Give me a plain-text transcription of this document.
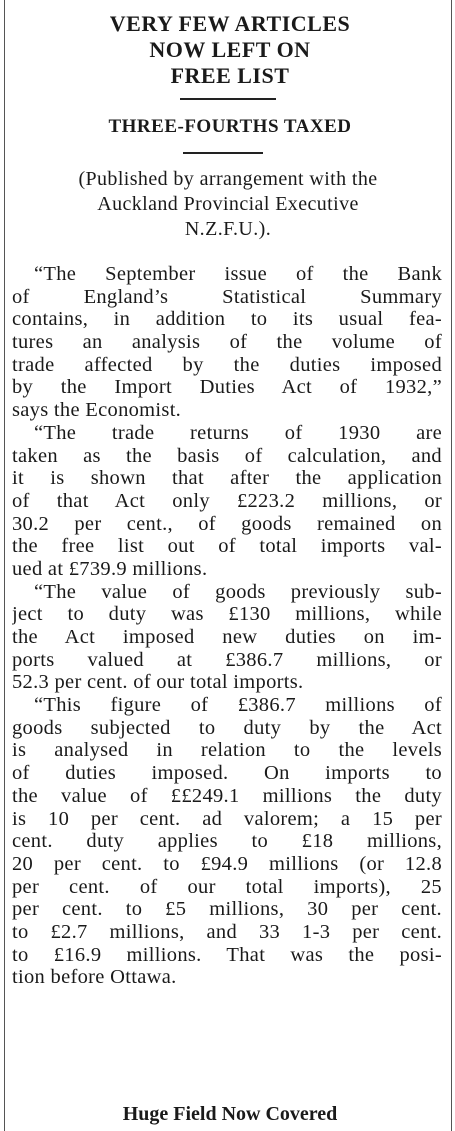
VERY FEW ARTICLES
NOW LEFT ON
FREE LIST
THREE-FOURTHS TAXED
(Published by arrangement with the
Auckland Provincial Executive
N.Z.F.U.).
“The September issue of the Bank
of England’s Statistical Summary
contains, in addition to its usual fea-
tures an analysis of the volume of
trade affected by the duties imposed
by the Import Duties Act of 1932,”
says the Economist.
“The trade returns of 1930 are
taken as the basis of calculation, and
it is shown that after the application
of that Act only £223.2 millions, or
30.2 per cent., of goods remained on
the free list out of total imports val-
ued at £739.9 millions.
“The value of goods previously sub-
ject to duty was £130 millions, while
the Act imposed new duties on im-
ports valued at £386.7 millions, or
52.3 per cent. of our total imports.
“This figure of £386.7 millions of
goods subjected to duty by the Act
is analysed in relation to the levels
of duties imposed. On imports to
the value of ££249.1 millions the duty
is 10 per cent. ad valorem; a 15 per
cent. duty applies to £18 millions,
20 per cent. to £94.9 millions (or 12.8
per cent. of our total imports), 25
per cent. to £5 millions, 30 per cent.
to £2.7 millions, and 33 1-3 per cent.
to £16.9 millions. That was the posi-
tion before Ottawa.
Huge Field Now Covered
